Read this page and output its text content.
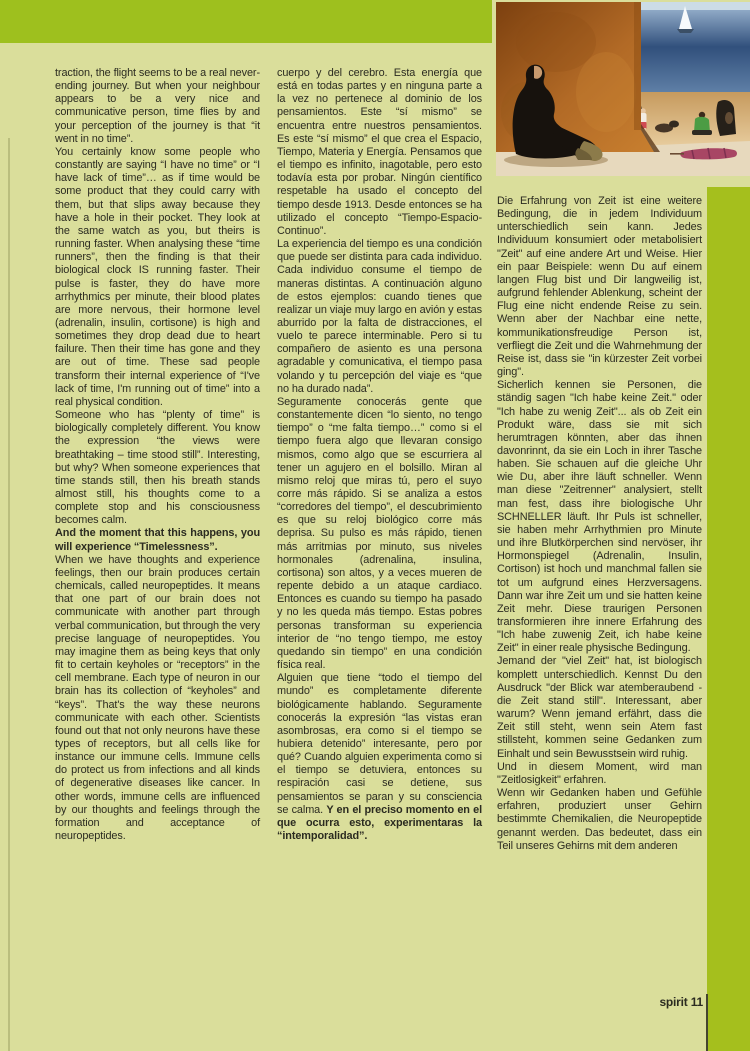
traction, the flight seems to be a real never-ending journey. But when your neighbour appears to be a very nice and communicative person, time flies by and your perception of the journey is that “it went in no time”.

You certainly know some people who constantly are saying “I have no time” or “I have lack of time”… as if time would be some product that they could carry with them, but that slips away because they have a hole in their pocket. They look at the same watch as you, but theirs is running faster. When analysing these “time runners”, then the finding is that their biological clock IS running faster. Their pulse is faster, they do have more arrhythmics per minute, their blood plates are more nervous, their hormone level (adrenalin, insulin, cortisone) is high and sometimes they drop dead due to heart failure. Then their time has gone and they are out of time. These sad people transform their internal experience of “I've lack of time, I'm running out of time” into a real physical condition.

Someone who has “plenty of time” is biologically completely different. You know the expression “the views were breathtaking – time stood still”. Interesting, but why? When someone experiences that time stands still, then his breath stands almost still, his thoughts come to a complete stop and his consciousness becomes calm.

And the moment that this happens, you will experience “Timelessness”.

When we have thoughts and experience feelings, then our brain produces certain chemicals, called neuropeptides. It means that one part of our brain does not communicate with another part through verbal communication, but through the very precise language of neuropeptides. You may imagine them as being keys that only fit to certain keyholes or “receptors” in the cell membrane. Each type of neuron in our brain has its collection of “keyholes” and “keys”. That's the way these neurons communicate with each other. Scientists found out that not only neurons have these types of receptors, but all cells like for instance our immune cells. Immune cells do protect us from infections and all kinds of degenerative diseases like cancer. In other words, immune cells are influenced by our thoughts and feelings through the formation and acceptance of neuropeptides.

cuerpo y del cerebro. Esta energía que está en todas partes y en ninguna parte a la vez no pertenece al dominio de los pensamientos. Este “sí mismo” se encuentra entre nuestros pensamientos. Es este “sí mismo” el que crea el Espacio, Tiempo, Materia y Energía. Pensamos que el tiempo es infinito, inagotable, pero esto todavía esta por probar. Ningún científico respetable ha usado el concepto del tiempo desde 1913. Desde entonces se ha utilizado el concepto “Tiempo-Espacio-Continuo”.

La experiencia del tiempo es una condición que puede ser distinta para cada individuo. Cada individuo consume el tiempo de maneras distintas. A continuación alguno de estos ejemplos: cuando tienes que realizar un viaje muy largo en avión y estas aburrido por la falta de distracciones, el vuelo te parece interminable. Pero si tu compañero de asiento es una persona agradable y comunicativa, el tiempo pasa volando y tu percepción del viaje es “que no ha durado nada”.

Seguramente conocerás gente que constantemente dicen “lo siento, no tengo tiempo” o “me falta tiempo…” como si el tiempo fuera algo que llevaran consigo mismos, como algo que se escurriera al tener un agujero en el bolsillo. Miran al mismo reloj que miras tú, pero el suyo corre más rápido. Si se analiza a estos “corredores del tiempo”, el descubrimiento es que su reloj biológico corre más deprisa. Su pulso es más rápido, tienen más arritmias por minuto, sus niveles hormonales (adrenalina, insulina, cortisona) son altos, y a veces mueren de repente debido a un ataque cardiaco. Entonces es cuando su tiempo ha pasado y no les queda más tiempo. Estas pobres personas transforman su experiencia interior de “no tengo tiempo, me estoy quedando sin tiempo” en una condición física real.

Alguien que tiene “todo el tiempo del mundo” es completamente diferente biológicamente hablando. Seguramente conocerás la expresión “las vistas eran asombrosas, era como si el tiempo se hubiera detenido” interesante, pero por qué? Cuando alguien experimenta como si el tiempo se detuviera, entonces su respiración casi se detiene, sus pensamientos se paran y su consciencia se calma. Y en el preciso momento en el que ocurra esto, experimentaras la “intemporalidad”.

Die Erfahrung von Zeit ist eine weitere Bedingung, die in jedem Individuum unterschiedlich sein kann. Jedes Individuum konsumiert oder metabolisiert "Zeit" auf eine andere Art und Weise. Hier ein paar Beispiele: wenn Du auf einem langen Flug bist und Dir langweilig ist, aufgrund fehlender Ablenkung, scheint der Flug eine nicht endende Reise zu sein. Wenn aber der Nachbar eine nette, kommunikationsfreudige Person ist, verfliegt die Zeit und die Wahrnehmung der Reise ist, dass sie "in kürzester Zeit vorbei ging".

Sicherlich kennen sie Personen, die ständig sagen "Ich habe keine Zeit." oder "Ich habe zu wenig Zeit"... als ob Zeit ein Produkt wäre, dass sie mit sich herumtragen könnten, aber das ihnen davonrinnt, da sie ein Loch in ihrer Tasche haben. Sie schauen auf die gleiche Uhr wie Du, aber ihre läuft schneller. Wenn man diese "Zeitrenner" analysiert, stellt man fest, dass ihre biologische Uhr SCHNELLER läuft. Ihr Puls ist schneller, sie haben mehr Arrhythmien pro Minute und ihre Blutkörperchen sind nervöser, ihr Hormonspiegel (Adrenalin, Insulin, Cortison) ist hoch und manchmal fallen sie tot um aufgrund eines Herzversagens. Dann war ihre Zeit um und sie hatten keine Zeit mehr. Diese traurigen Personen transformieren ihre innere Erfahrung des "Ich habe zuwenig Zeit, ich habe keine Zeit" in einer reale physische Bedingung.

Jemand der "viel Zeit" hat, ist biologisch komplett unterschiedlich. Kennst Du den Ausdruck "der Blick war atemberaubend - die Zeit stand still". Interessant, aber warum? Wenn jemand erfährt, dass die Zeit still steht, wenn sein Atem fast stillsteht, kommen seine Gedanken zum Einhalt und sein Bewusstsein wird ruhig.

Und in diesem Moment, wird man "Zeitlosigkeit" erfahren.

Wenn wir Gedanken haben und Gefühle erfahren, produziert unser Gehirn bestimmte Chemikalien, die Neuropeptide genannt werden. Das bedeutet, dass ein Teil unseres Gehirns mit dem anderen

spirit 11
